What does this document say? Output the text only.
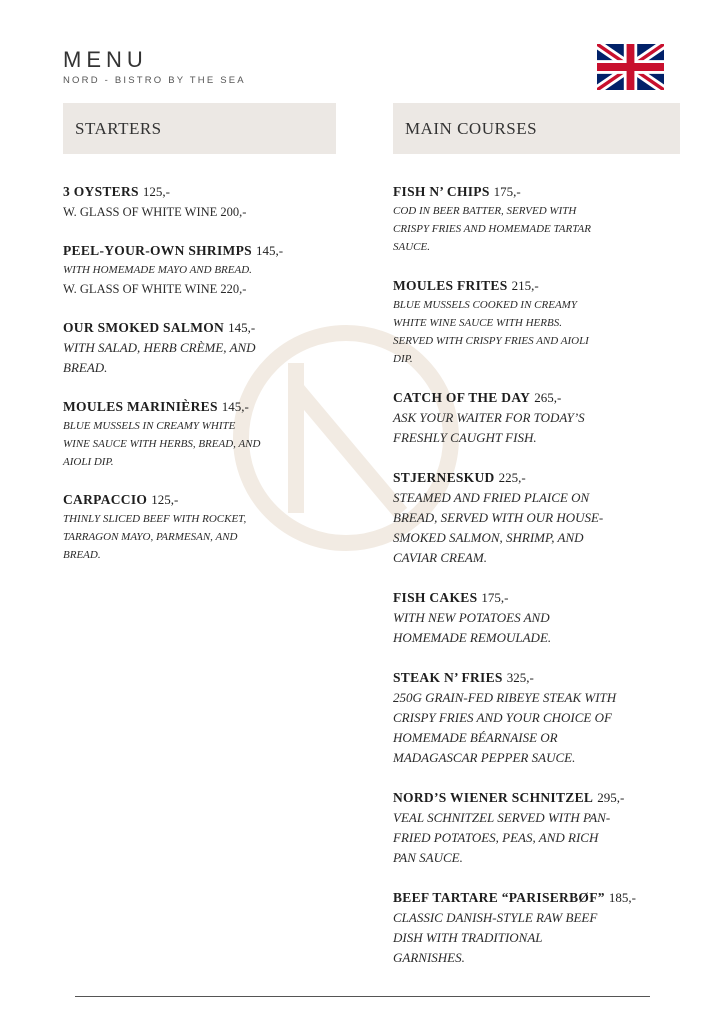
MENU
NORD - BISTRO BY THE SEA
STARTERS	MAIN COURSES
3 OYSTERS 125,-
W. GLASS OF WHITE WINE 200,-
PEEL-YOUR-OWN SHRIMPS 145,-
WITH HOMEMADE MAYO AND BREAD.
W. GLASS OF WHITE WINE 220,-
OUR SMOKED SALMON 145,-
WITH SALAD, HERB CRÈME, AND
BREAD.
MOULES MARINIÈRES 145,-
BLUE MUSSELS IN CREAMY WHITE
WINE SAUCE WITH HERBS, BREAD, AND
AIOLI DIP.
CARPACCIO 125,-
THINLY SLICED BEEF WITH ROCKET,
TARRAGON MAYO, PARMESAN, AND
BREAD.
FISH N’ CHIPS 175,-
COD IN BEER BATTER, SERVED WITH
CRISPY FRIES AND HOMEMADE TARTAR
SAUCE.
MOULES FRITES 215,-
BLUE MUSSELS COOKED IN CREAMY
WHITE WINE SAUCE WITH HERBS.
SERVED WITH CRISPY FRIES AND AIOLI
DIP.
CATCH OF THE DAY 265,-
ASK YOUR WAITER FOR TODAY’S
FRESHLY CAUGHT FISH.
STJERNESKUD 225,-
STEAMED AND FRIED PLAICE ON
BREAD, SERVED WITH OUR HOUSE-
SMOKED SALMON, SHRIMP, AND
CAVIAR CREAM.
FISH CAKES 175,-
WITH NEW POTATOES AND
HOMEMADE REMOULADE.
STEAK N’ FRIES 325,-
250G GRAIN-FED RIBEYE STEAK WITH
CRISPY FRIES AND YOUR CHOICE OF
HOMEMADE BÉARNAISE OR
MADAGASCAR PEPPER SAUCE.
NORD’S WIENER SCHNITZEL 295,-
VEAL SCHNITZEL SERVED WITH PAN-
FRIED POTATOES, PEAS, AND RICH
PAN SAUCE.
BEEF TARTARE “PARISERBØF” 185,-
CLASSIC DANISH-STYLE RAW BEEF
DISH WITH TRADITIONAL
GARNISHES.
